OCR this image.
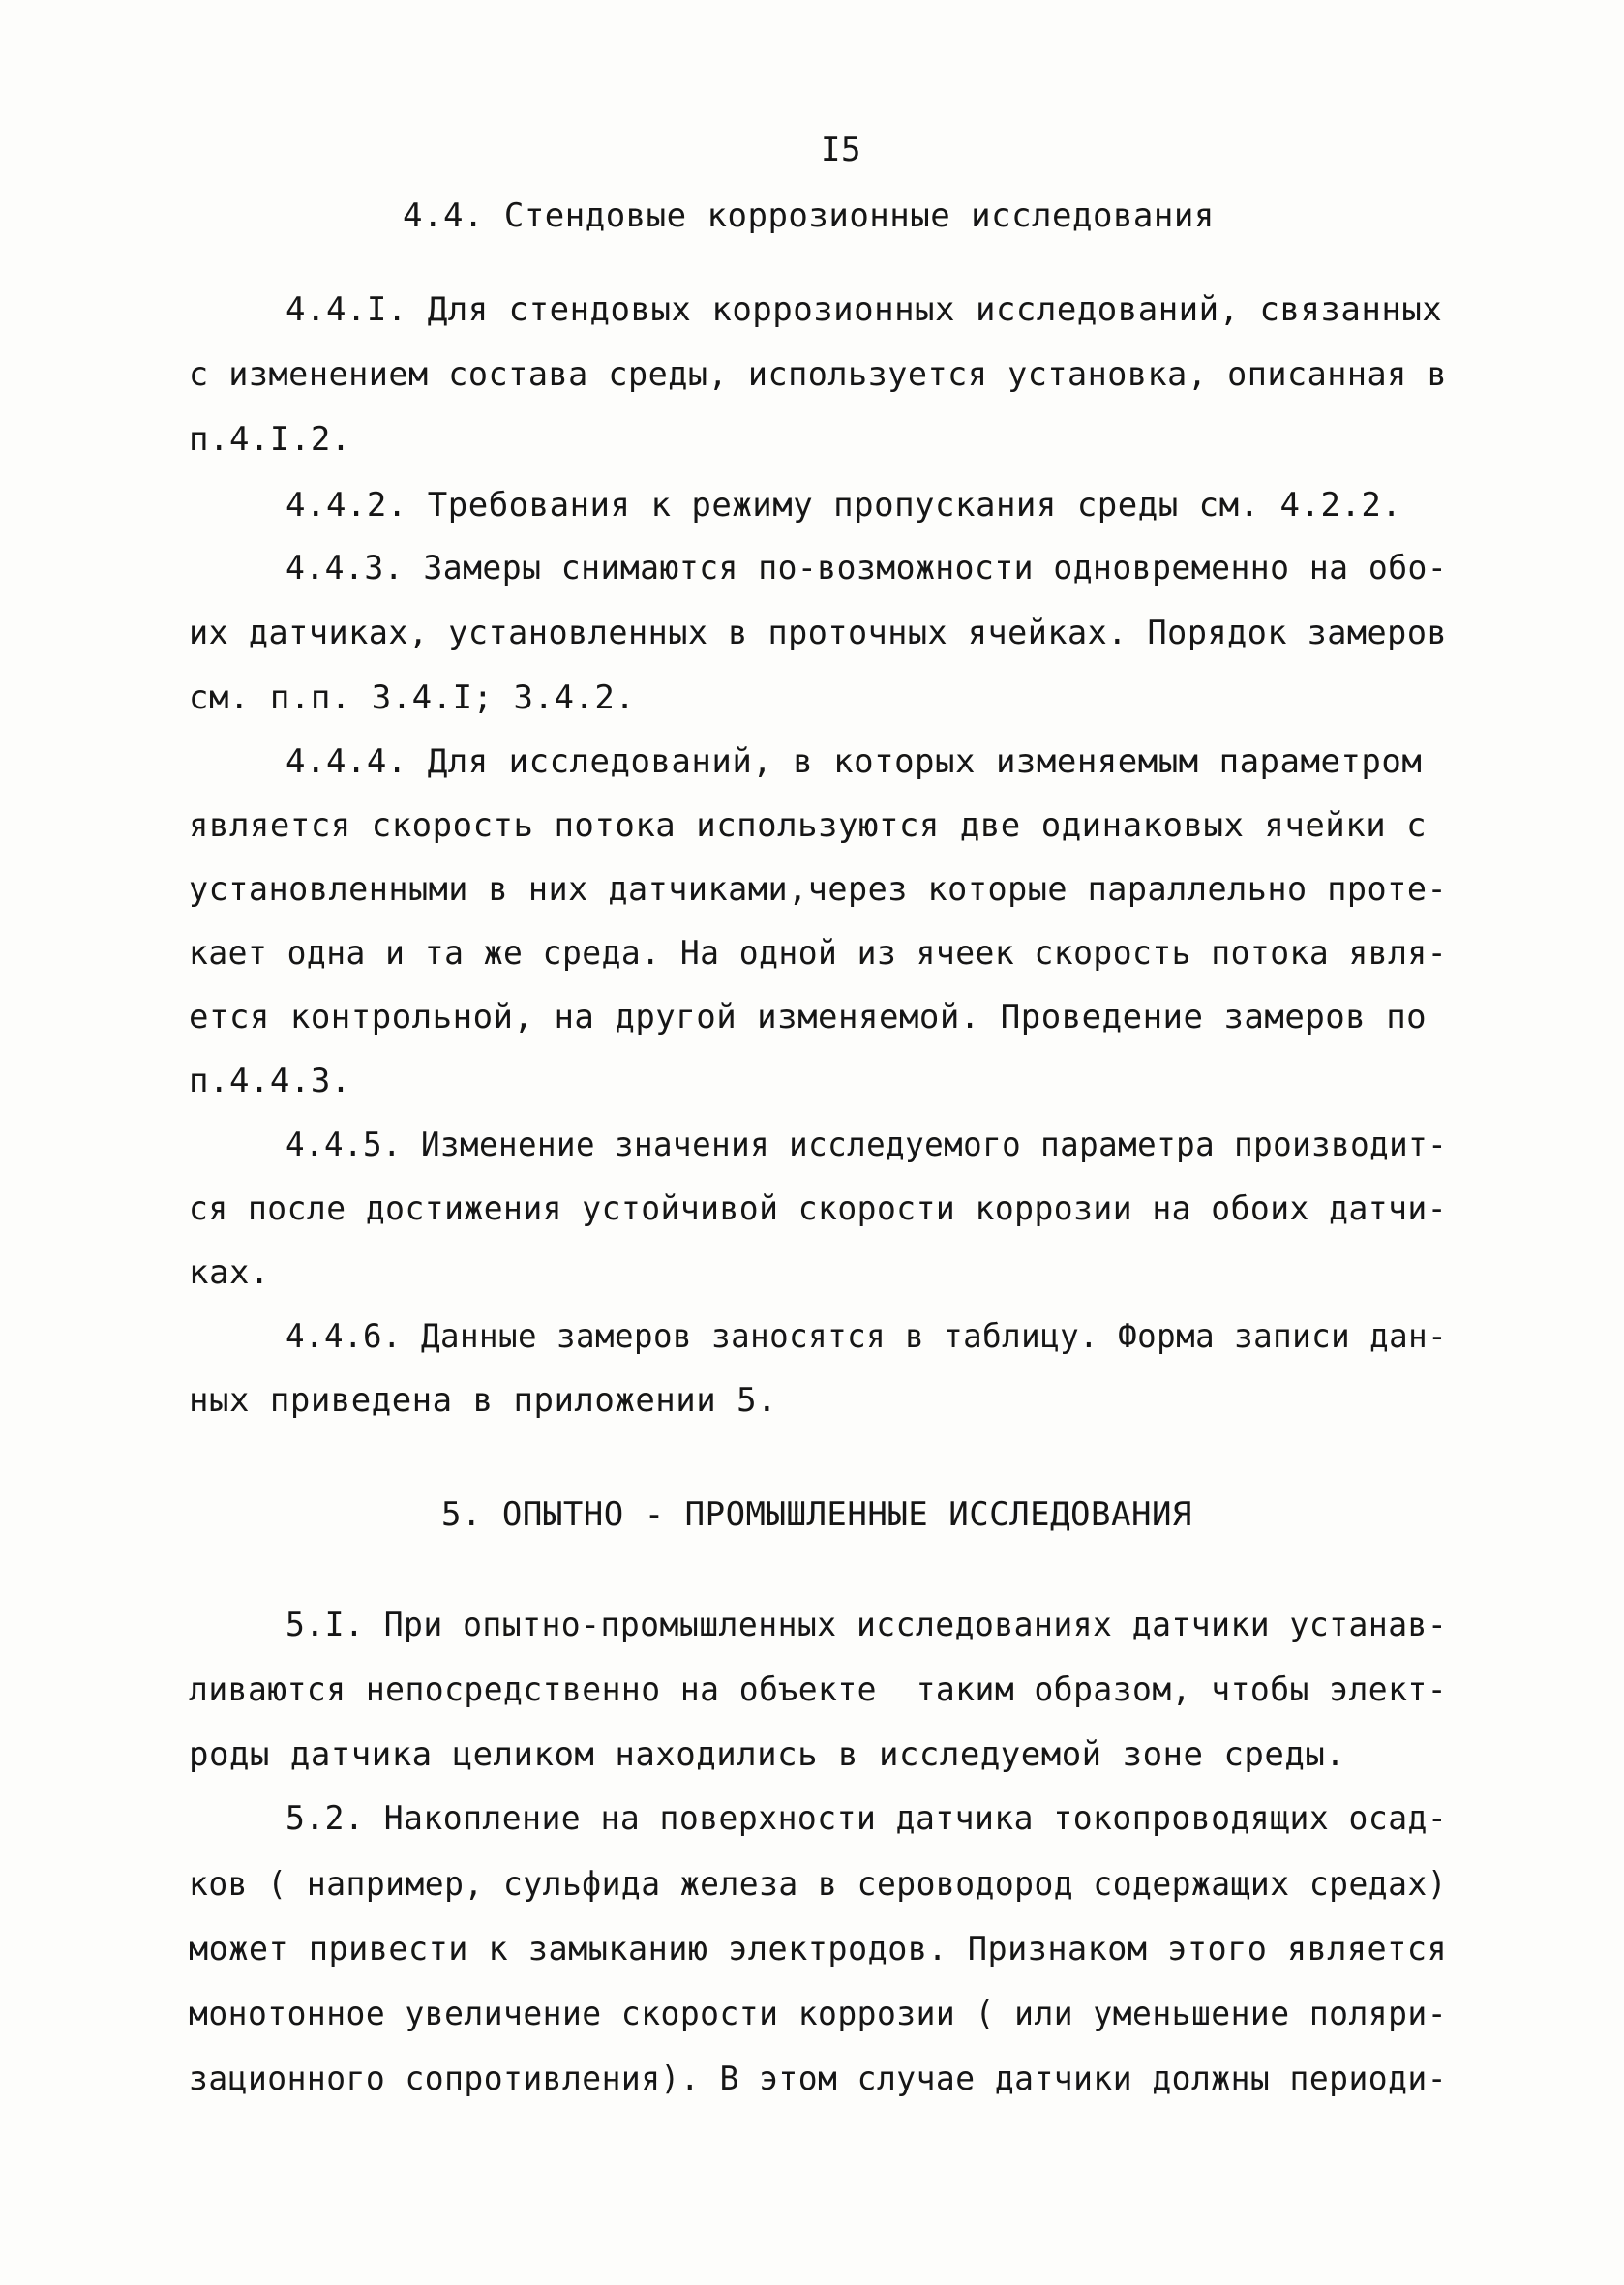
I5
4.4. Стендовые коррозионные исследования
4.4.I. Для стендовых коррозионных исследований, связанных
с изменением состава среды, используется установка, описанная в
п.4.I.2.
4.4.2. Требования к режиму пропускания среды см. 4.2.2.
4.4.3. Замеры снимаются по-возможности одновременно на обо-
их датчиках, установленных в проточных ячейках. Порядок замеров
см. п.п. 3.4.I; 3.4.2.
4.4.4. Для исследований, в которых изменяемым параметром
является скорость потока используются две одинаковых ячейки с
установленными в них датчиками,через которые параллельно проте-
кает одна и та же среда. На одной из ячеек скорость потока явля-
ется контрольной, на другой изменяемой. Проведение замеров по
п.4.4.3.
4.4.5. Изменение значения исследуемого параметра производит-
ся после достижения устойчивой скорости коррозии на обоих датчи-
ках.
4.4.6. Данные замеров заносятся в таблицу. Форма записи дан-
ных приведена в приложении 5.
5. ОПЫТНО - ПРОМЫШЛЕННЫЕ ИССЛЕДОВАНИЯ
5.I. При опытно-промышленных исследованиях датчики устанав-
ливаются непосредственно на объекте  таким образом, чтобы элект-
роды датчика целиком находились в исследуемой зоне среды.
5.2. Накопление на поверхности датчика токопроводящих осад-
ков ( например, сульфида железа в сероводород содержащих средах)
может привести к замыканию электродов. Признаком этого является
монотонное увеличение скорости коррозии ( или уменьшение поляри-
зационного сопротивления). В этом случае датчики должны периоди-
